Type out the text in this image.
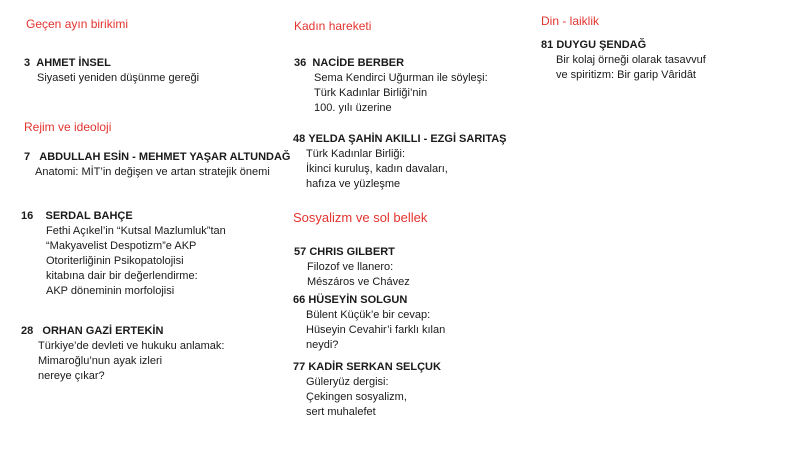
Geçen ayın birikimi
3 AHMET İNSEL
Siyaseti yeniden düşünme gereği
Rejim ve ideoloji
7 ABDULLAH ESİN - MEHMET YAŞAR ALTUNDAĞ
Anatomi: MİT’in değişen ve artan stratejik önemi
16 SERDAL BAHÇE
Fethi Açıkel’in “Kutsal Mazlumluk”tan
“Makyavelist Despotizm”e AKP
Otoriterliğinin Psikopatolojisi
kitabına dair bir değerlendirme:
AKP döneminin morfolojisi
28 ORHAN GAZİ ERTEKİN
Türkiye’de devleti ve hukuku anlamak:
Mimaroğlu’nun ayak izleri
nereye çıkar?
Kadın hareketi
36 NACİDE BERBER
Sema Kendirci Uğurman ile söyleşi:
Türk Kadınlar Birliği’nin
100. yılı üzerine
48 YELDA ŞAHİN AKILLI - EZGİ SARITAŞ
Türk Kadınlar Birliği:
İkinci kuruluş, kadın davaları,
hafıza ve yüzleşme
Sosyalizm ve sol bellek
57 CHRIS GILBERT
Filozof ve llanero:
Mészáros ve Chávez
66 HÜSEYİN SOLGUN
Bülent Küçük’e bir cevap:
Hüseyin Cevahir’i farklı kılan
neydi?
77 KADİR SERKAN SELÇUK
Güleryüz dergisi:
Çekingen sosyalizm,
sert muhalefet
Din - laiklik
81 DUYGU ŞENDAĞ
Bir kolaj örneği olarak tasavvuf
ve spiritizm: Bir garip Vâridât
